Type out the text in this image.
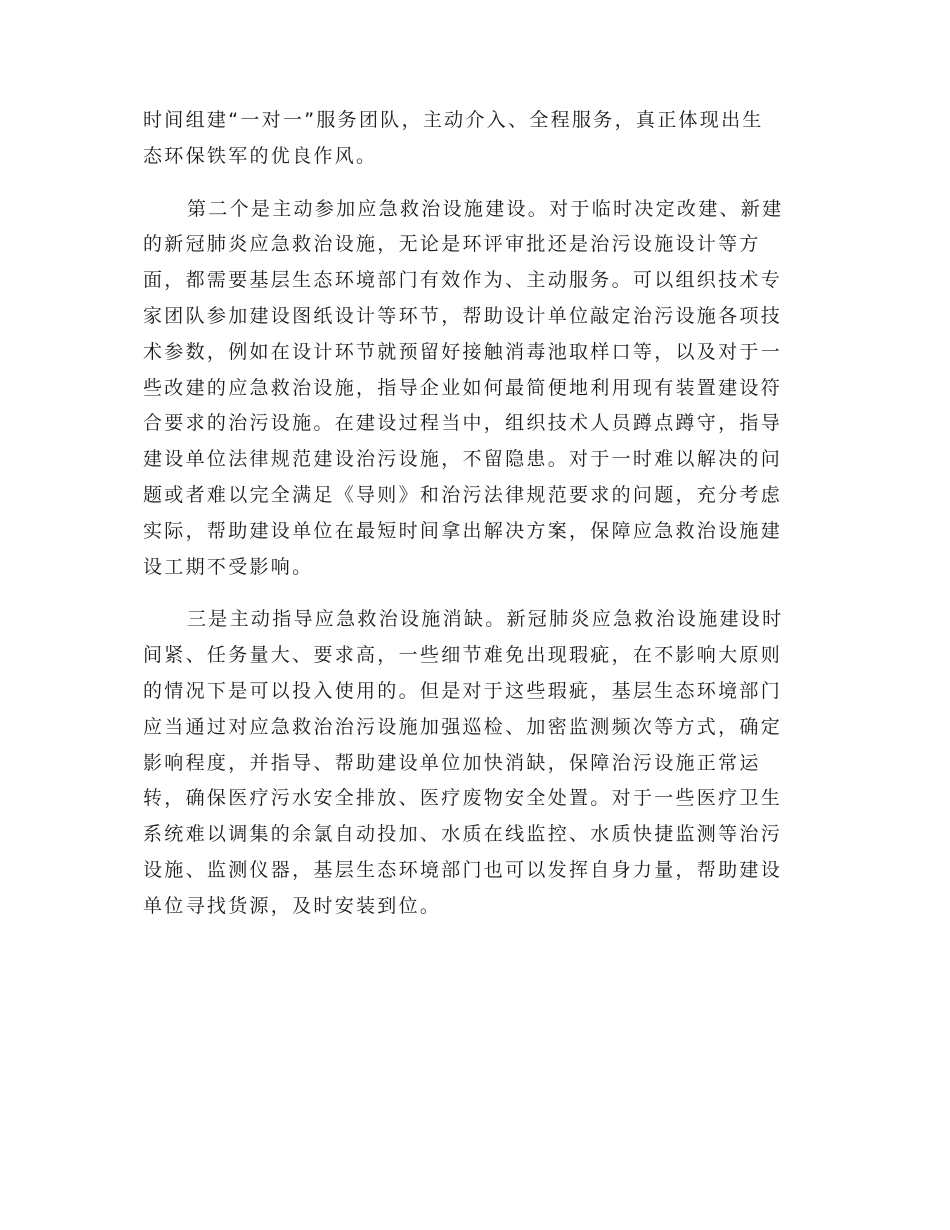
时间组建“一对一”服务团队，主动介入、全程服务，真正体现出生
态环保铁军的优良作风。

第二个是主动参加应急救治设施建设。对于临时决定改建、新建
的新冠肺炎应急救治设施，无论是环评审批还是治污设施设计等方
面，都需要基层生态环境部门有效作为、主动服务。可以组织技术专
家团队参加建设图纸设计等环节，帮助设计单位敲定治污设施各项技
术参数，例如在设计环节就预留好接触消毒池取样口等，以及对于一
些改建的应急救治设施，指导企业如何最简便地利用现有装置建设符
合要求的治污设施。在建设过程当中，组织技术人员蹲点蹲守，指导
建设单位法律规范建设治污设施，不留隐患。对于一时难以解决的问
题或者难以完全满足《导则》和治污法律规范要求的问题，充分考虑
实际，帮助建设单位在最短时间拿出解决方案，保障应急救治设施建
设工期不受影响。

三是主动指导应急救治设施消缺。新冠肺炎应急救治设施建设时
间紧、任务量大、要求高，一些细节难免出现瑕疵，在不影响大原则
的情况下是可以投入使用的。但是对于这些瑕疵，基层生态环境部门
应当通过对应急救治治污设施加强巡检、加密监测频次等方式，确定
影响程度，并指导、帮助建设单位加快消缺，保障治污设施正常运
转，确保医疗污水安全排放、医疗废物安全处置。对于一些医疗卫生
系统难以调集的余氯自动投加、水质在线监控、水质快捷监测等治污
设施、监测仪器，基层生态环境部门也可以发挥自身力量，帮助建设
单位寻找货源，及时安装到位。
